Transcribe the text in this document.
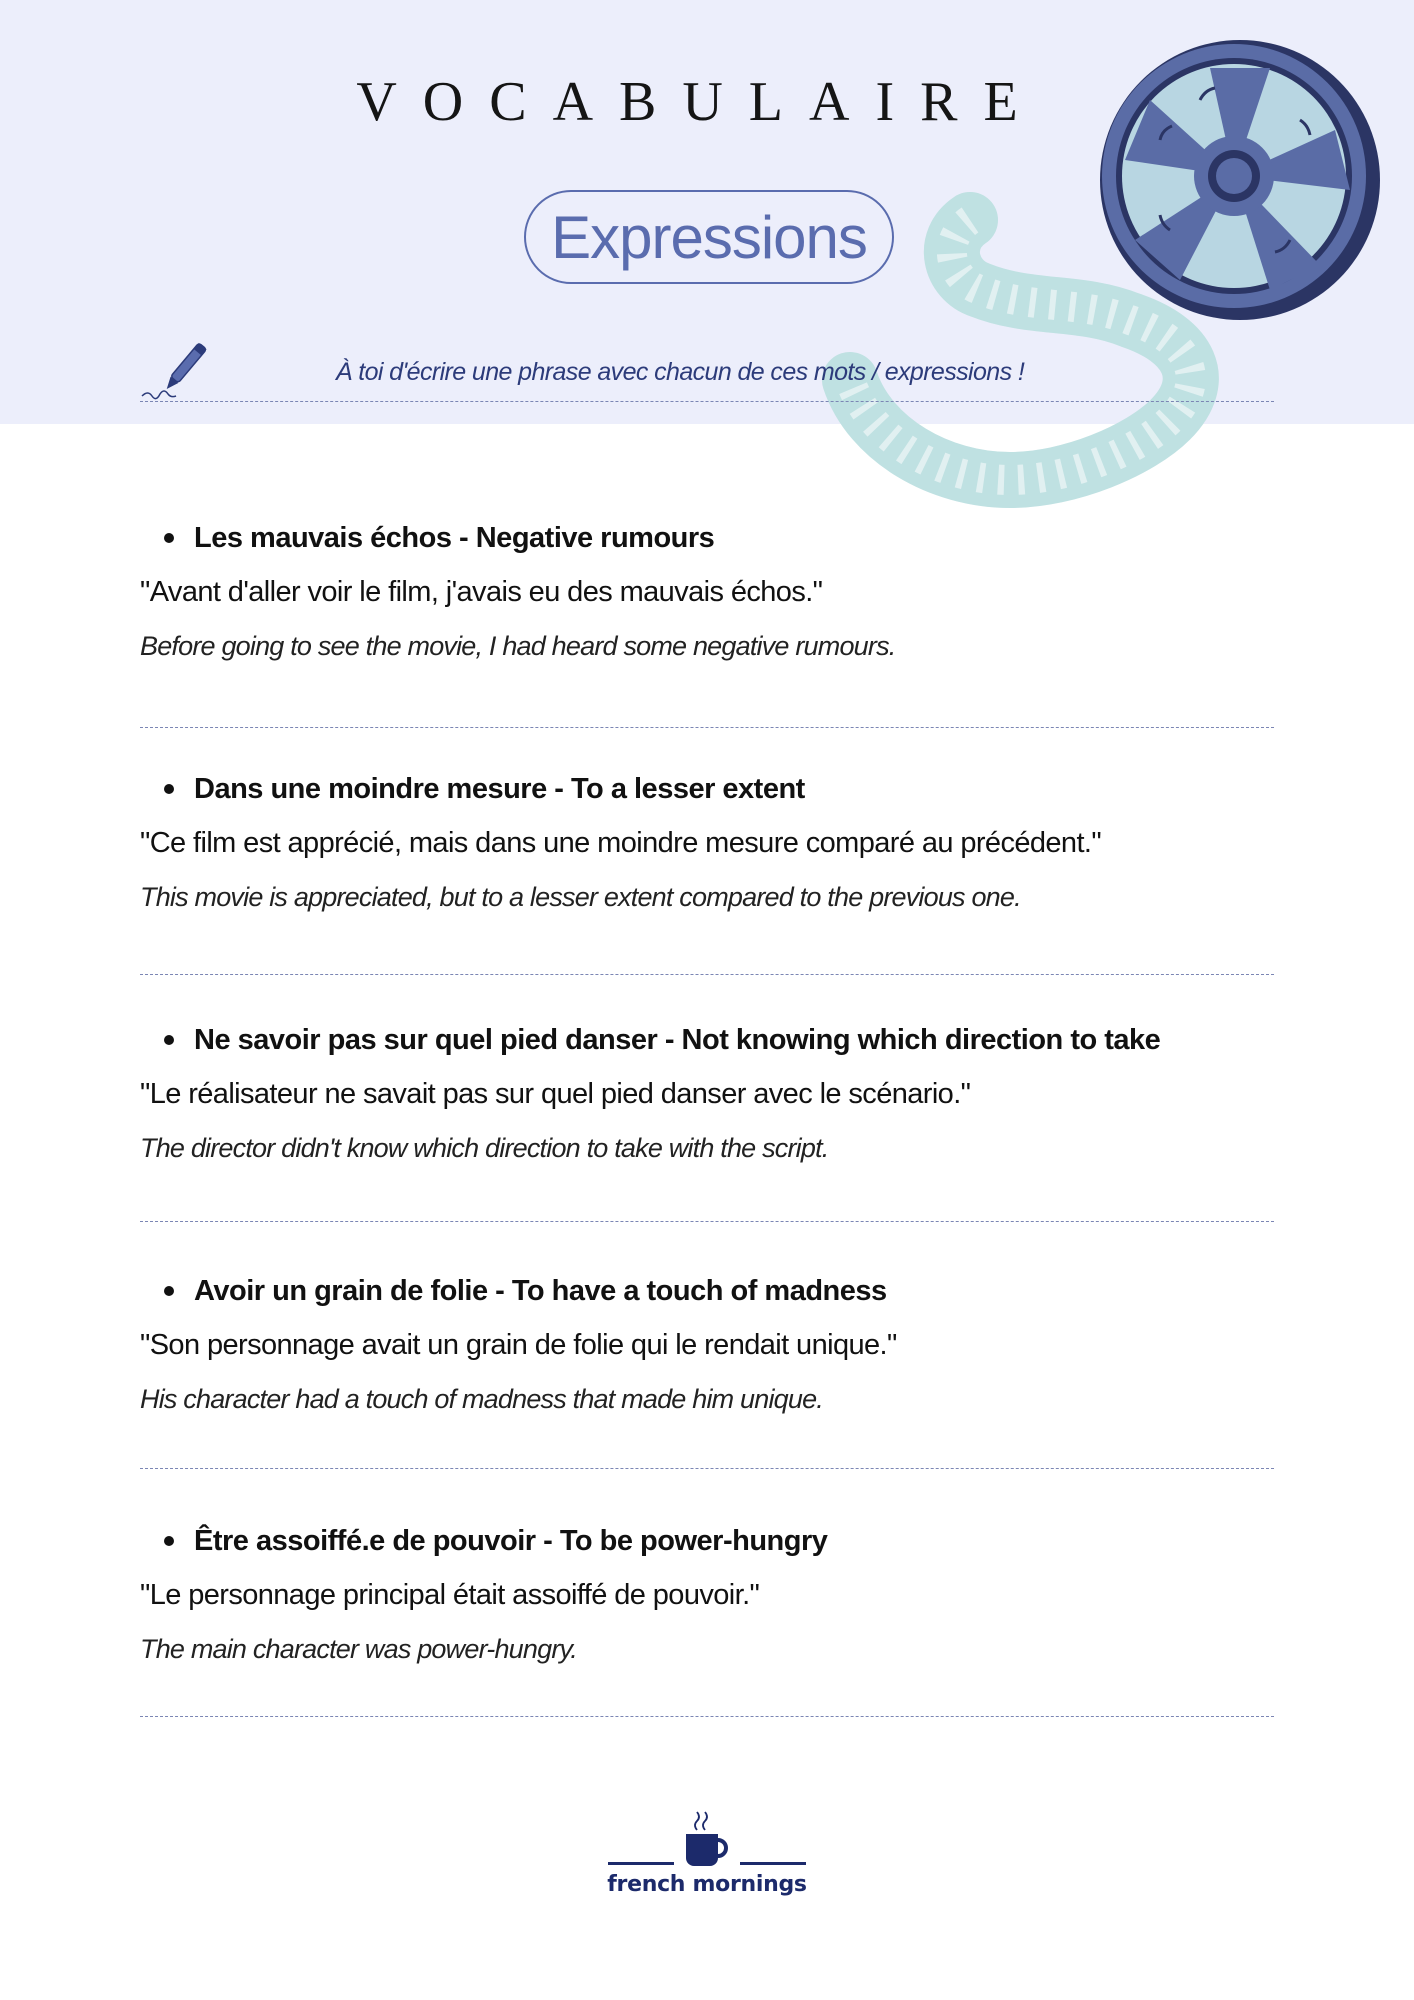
VOCABULAIRE
Expressions

À toi d'écrire une phrase avec chacun de ces mots / expressions !

Les mauvais échos - Negative rumours
"Avant d'aller voir le film, j'avais eu des mauvais échos."
Before going to see the movie, I had heard some negative rumours.
Dans une moindre mesure - To a lesser extent
"Ce film est apprécié, mais dans une moindre mesure comparé au précédent."
This movie is appreciated, but to a lesser extent compared to the previous one.
Ne savoir pas sur quel pied danser - Not knowing which direction to take
"Le réalisateur ne savait pas sur quel pied danser avec le scénario."
The director didn't know which direction to take with the script.
Avoir un grain de folie - To have a touch of madness
"Son personnage avait un grain de folie qui le rendait unique."
His character had a touch of madness that made him unique.
Être assoiffé.e de pouvoir - To be power-hungry
"Le personnage principal était assoiffé de pouvoir."
The main character was power-hungry.
french mornings
